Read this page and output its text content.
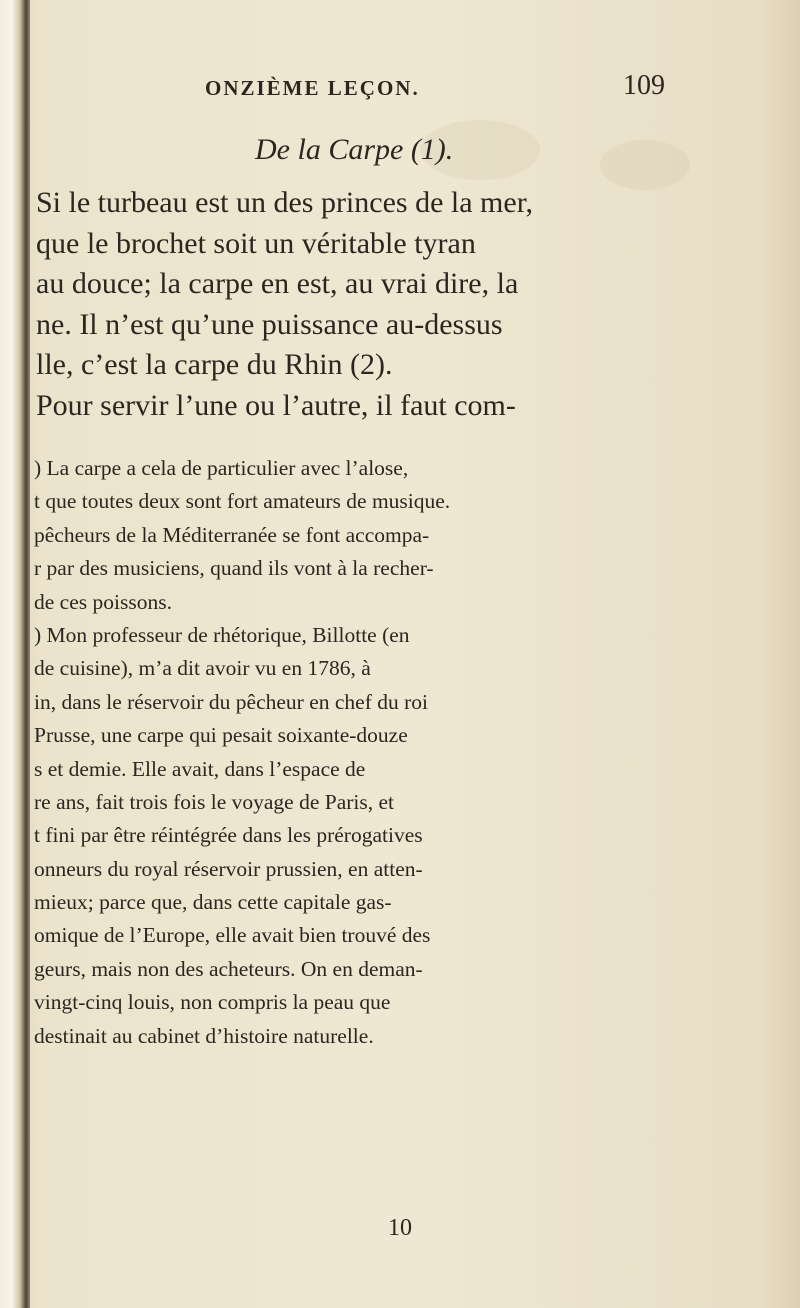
ONZIÈME LEÇON.	109
De la Carpe (1).
Si le turbeau est un des princes de la mer,
que le brochet soit un véritable tyran
au douce; la carpe en est, au vrai dire, la
ne. Il n’est qu’une puissance au-dessus
lle, c’est la carpe du Rhin (2).
Pour servir l’une ou l’autre, il faut com-
) La carpe a cela de particulier avec l’alose,
t que toutes deux sont fort amateurs de musique.
pêcheurs de la Méditerranée se font accompa-
r par des musiciens, quand ils vont à la recher-
de ces poissons.
) Mon professeur de rhétorique, Billotte (en
de cuisine), m’a dit avoir vu en 1786, à
in, dans le réservoir du pêcheur en chef du roi
Prusse, une carpe qui pesait soixante-douze
s et demie. Elle avait, dans l’espace de
re ans, fait trois fois le voyage de Paris, et
t fini par être réintégrée dans les prérogatives
onneurs du royal réservoir prussien, en atten-
mieux; parce que, dans cette capitale gas-
omique de l’Europe, elle avait bien trouvé des
geurs, mais non des acheteurs. On en deman-
vingt-cinq louis, non compris la peau que
destinait au cabinet d’histoire naturelle.
10
